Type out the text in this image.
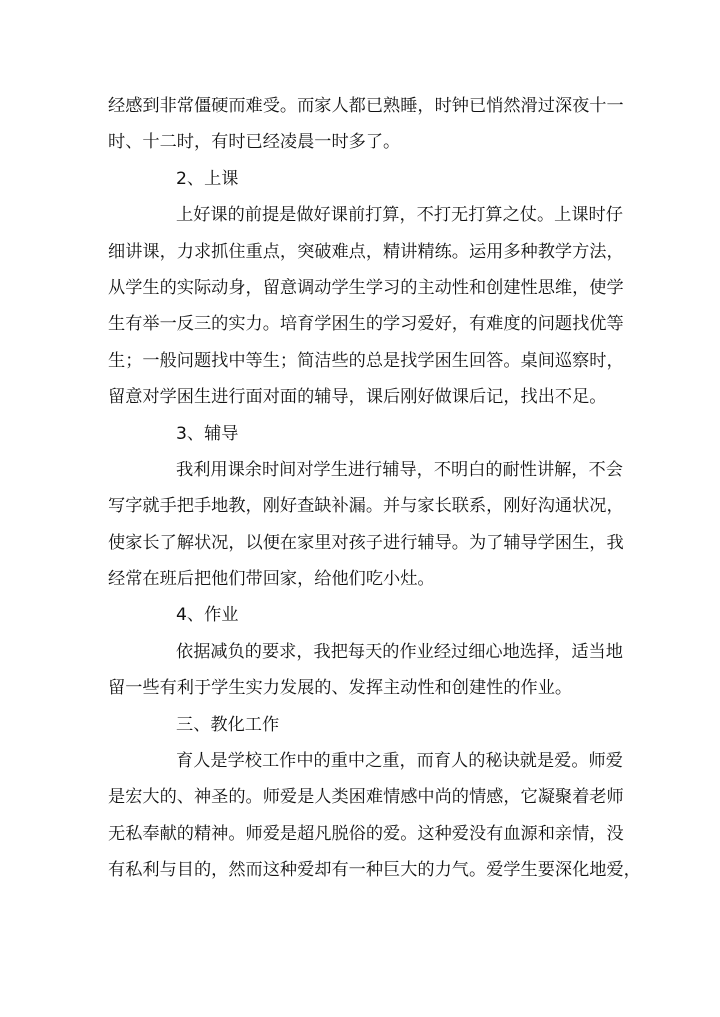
经感到非常僵硬而难受。而家人都已熟睡，时钟已悄然滑过深夜十一
时、十二时，有时已经凌晨一时多了。
2、上课
上好课的前提是做好课前打算，不打无打算之仗。上课时仔
细讲课，力求抓住重点，突破难点，精讲精练。运用多种教学方法，
从学生的实际动身，留意调动学生学习的主动性和创建性思维，使学
生有举一反三的实力。培育学困生的学习爱好，有难度的问题找优等
生；一般问题找中等生；简洁些的总是找学困生回答。桌间巡察时，
留意对学困生进行面对面的辅导，课后刚好做课后记，找出不足。
3、辅导
我利用课余时间对学生进行辅导，不明白的耐性讲解，不会
写字就手把手地教，刚好查缺补漏。并与家长联系，刚好沟通状况，
使家长了解状况，以便在家里对孩子进行辅导。为了辅导学困生，我
经常在班后把他们带回家，给他们吃小灶。
4、作业
依据减负的要求，我把每天的作业经过细心地选择，适当地
留一些有利于学生实力发展的、发挥主动性和创建性的作业。
三、教化工作
育人是学校工作中的重中之重，而育人的秘诀就是爱。师爱
是宏大的、神圣的。师爱是人类困难情感中尚的情感，它凝聚着老师
无私奉献的精神。师爱是超凡脱俗的爱。这种爱没有血源和亲情，没
有私利与目的，然而这种爱却有一种巨大的力气。爱学生要深化地爱，
